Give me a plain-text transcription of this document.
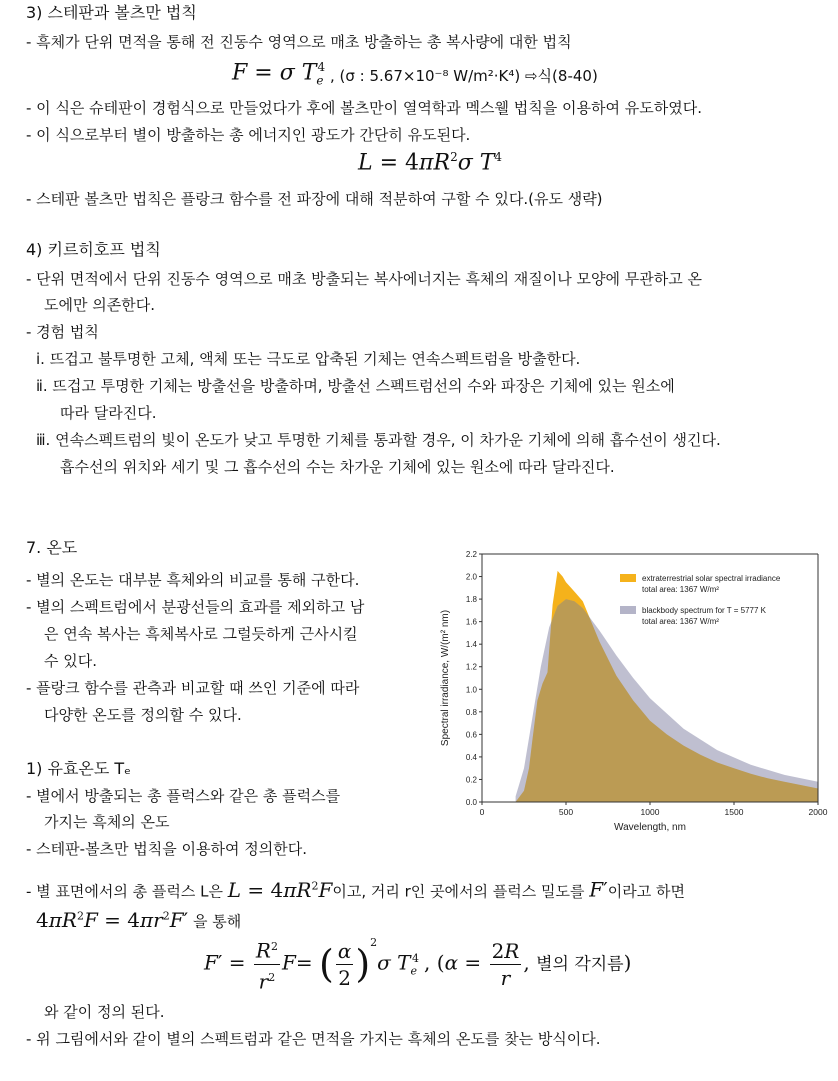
3) 스테판과 볼츠만 법칙
- 흑체가 단위 면적을 통해 전 진동수 영역으로 매초 방출하는 총 복사량에 대한 법칙
F = σ $T_e^4$ , (σ : 5.67×10⁻⁸ W/m²·K⁴) ⇨식(8-40)
- 이 식은 슈테판이 경험식으로 만들었다가 후에 볼츠만이 열역학과 멕스웰 법칙을 이용하여 유도하였다.
- 이 식으로부터 별이 방출하는 총 에너지인 광도가 간단히 유도된다.
$L = 4\pi R^2\sigma$ $T^4$
- 스테판 볼츠만 법칙은 플랑크 함수를 전 파장에 대해 적분하여 구할 수 있다.(유도 생략)
4) 키르히호프 법칙
- 단위 면적에서 단위 진동수 영역으로 매초 방출되는 복사에너지는 흑체의 재질이나 모양에 무관하고 온
도에만 의존한다.
- 경험 법칙
ⅰ. 뜨겁고 불투명한 고체, 액체 또는 극도로 압축된 기체는 연속스펙트럼을 방출한다.
ⅱ. 뜨겁고 투명한 기체는 방출선을 방출하며, 방출선 스펙트럼선의 수와 파장은 기체에 있는 원소에
따라 달라진다.
ⅲ. 연속스펙트럼의 빛이 온도가 낮고 투명한 기체를 통과할 경우, 이 차가운 기체에 의해 흡수선이 생긴다.
흡수선의 위치와 세기 및 그 흡수선의 수는 차가운 기체에 있는 원소에 따라 달라진다.
7. 온도
- 별의 온도는 대부분 흑체와의 비교를 통해 구한다.
- 별의 스펙트럼에서 분광선들의 효과를 제외하고 남
은 연속 복사는 흑체복사로 그럴듯하게 근사시킬
수 있다.
- 플랑크 함수를 관측과 비교할 때 쓰인 기준에 따라
다양한 온도를 정의할 수 있다.
1) 유효온도 Tₑ
- 별에서 방출되는 총 플럭스와 같은 총 플럭스를
가지는 흑체의 온도
- 스테판-볼츠만 법칙을 이용하여 정의한다.
- 별 표면에서의 총 플럭스 L은 $L = 4\pi R^2F$이고, 거리 r인 곳에서의 플럭스 밀도를 F′이라고 하면
$4\pi R^2F = 4\pi r^2F'$ 을 통해
$F' = \frac{R^2}{r^2} F=$ ( $\frac{\alpha}{2} )^2\sigma$ $T_e^4$ , ($\alpha = \frac{2R}{r}$ , 별의 각지름)
와 같이 정의 된다.
- 위 그림에서와 같이 별의 스펙트럼과 같은 면적을 가지는 흑체의 온도를 찾는 방식이다.
0.0
0.2
0.4
0.6
0.8
1.0
1.2
1.4
1.6
1.8
2.0
2.2
0	500	1000	1500	2000
Wavelength, nm
Spectral irradiance, W/(m² nm)
extraterrestrial solar spectral irradiance
total area: 1367 W/m²
blackbody spectrum for T = 5777 K
total area: 1367 W/m²
